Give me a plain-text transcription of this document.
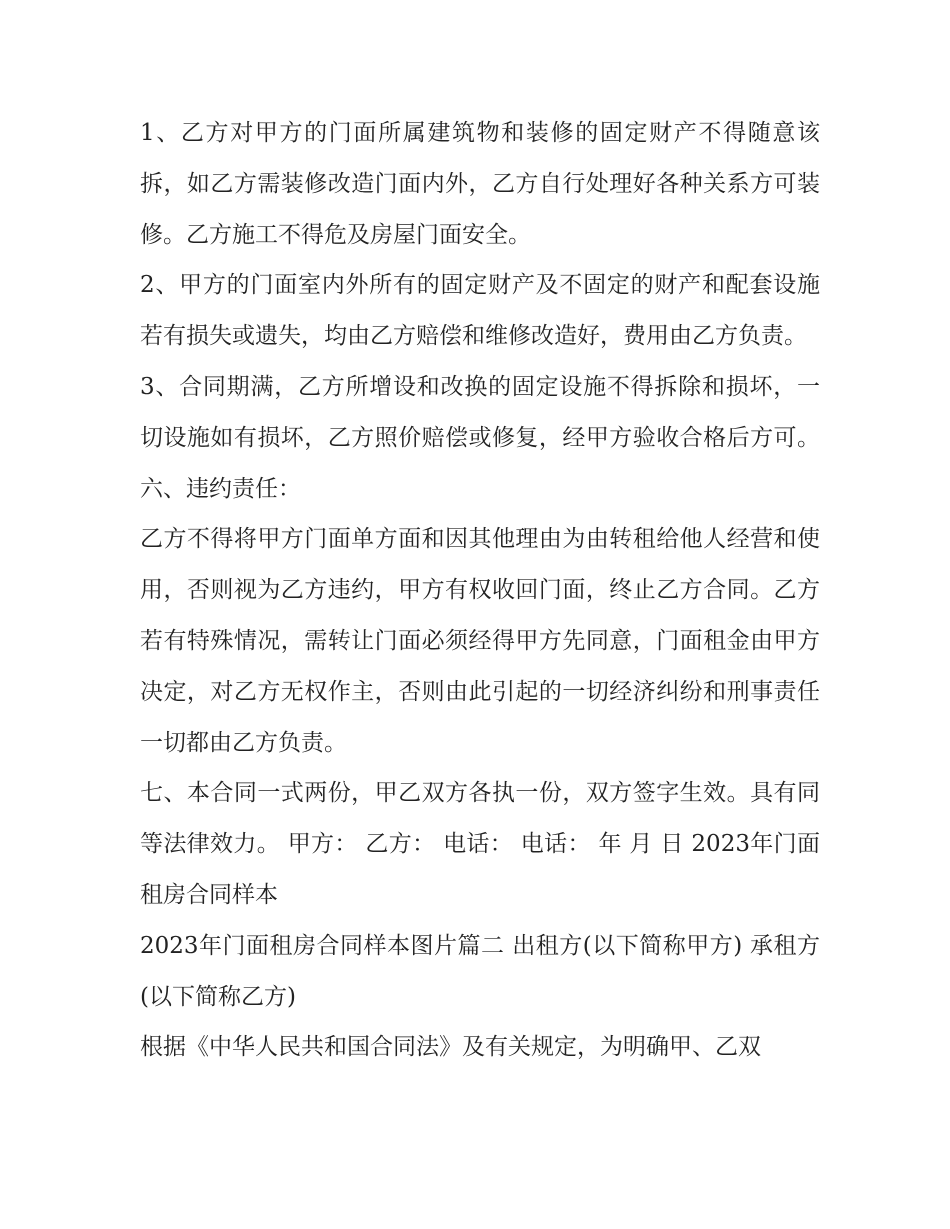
1、乙方对甲方的门面所属建筑物和装修的固定财产不得随意该拆，如乙方需装修改造门面内外，乙方自行处理好各种关系方可装修。乙方施工不得危及房屋门面安全。

2、甲方的门面室内外所有的固定财产及不固定的财产和配套设施若有损失或遗失，均由乙方赔偿和维修改造好，费用由乙方负责。

3、合同期满，乙方所增设和改换的固定设施不得拆除和损坏，一切设施如有损坏，乙方照价赔偿或修复，经甲方验收合格后方可。 六、违约责任：

乙方不得将甲方门面单方面和因其他理由为由转租给他人经营和使用，否则视为乙方违约，甲方有权收回门面，终止乙方合同。乙方若有特殊情况，需转让门面必须经得甲方先同意，门面租金由甲方决定，对乙方无权作主，否则由此引起的一切经济纠纷和刑事责任一切都由乙方负责。

七、本合同一式两份，甲乙双方各执一份，双方签字生效。具有同等法律效力。 甲方： 乙方： 电话： 电话： 年 月 日 2023年门面租房合同样本

2023年门面租房合同样本图片篇二 出租方(以下简称甲方) 承租方(以下简称乙方)

根据《中华人民共和国合同法》及有关规定，为明确甲、乙双
